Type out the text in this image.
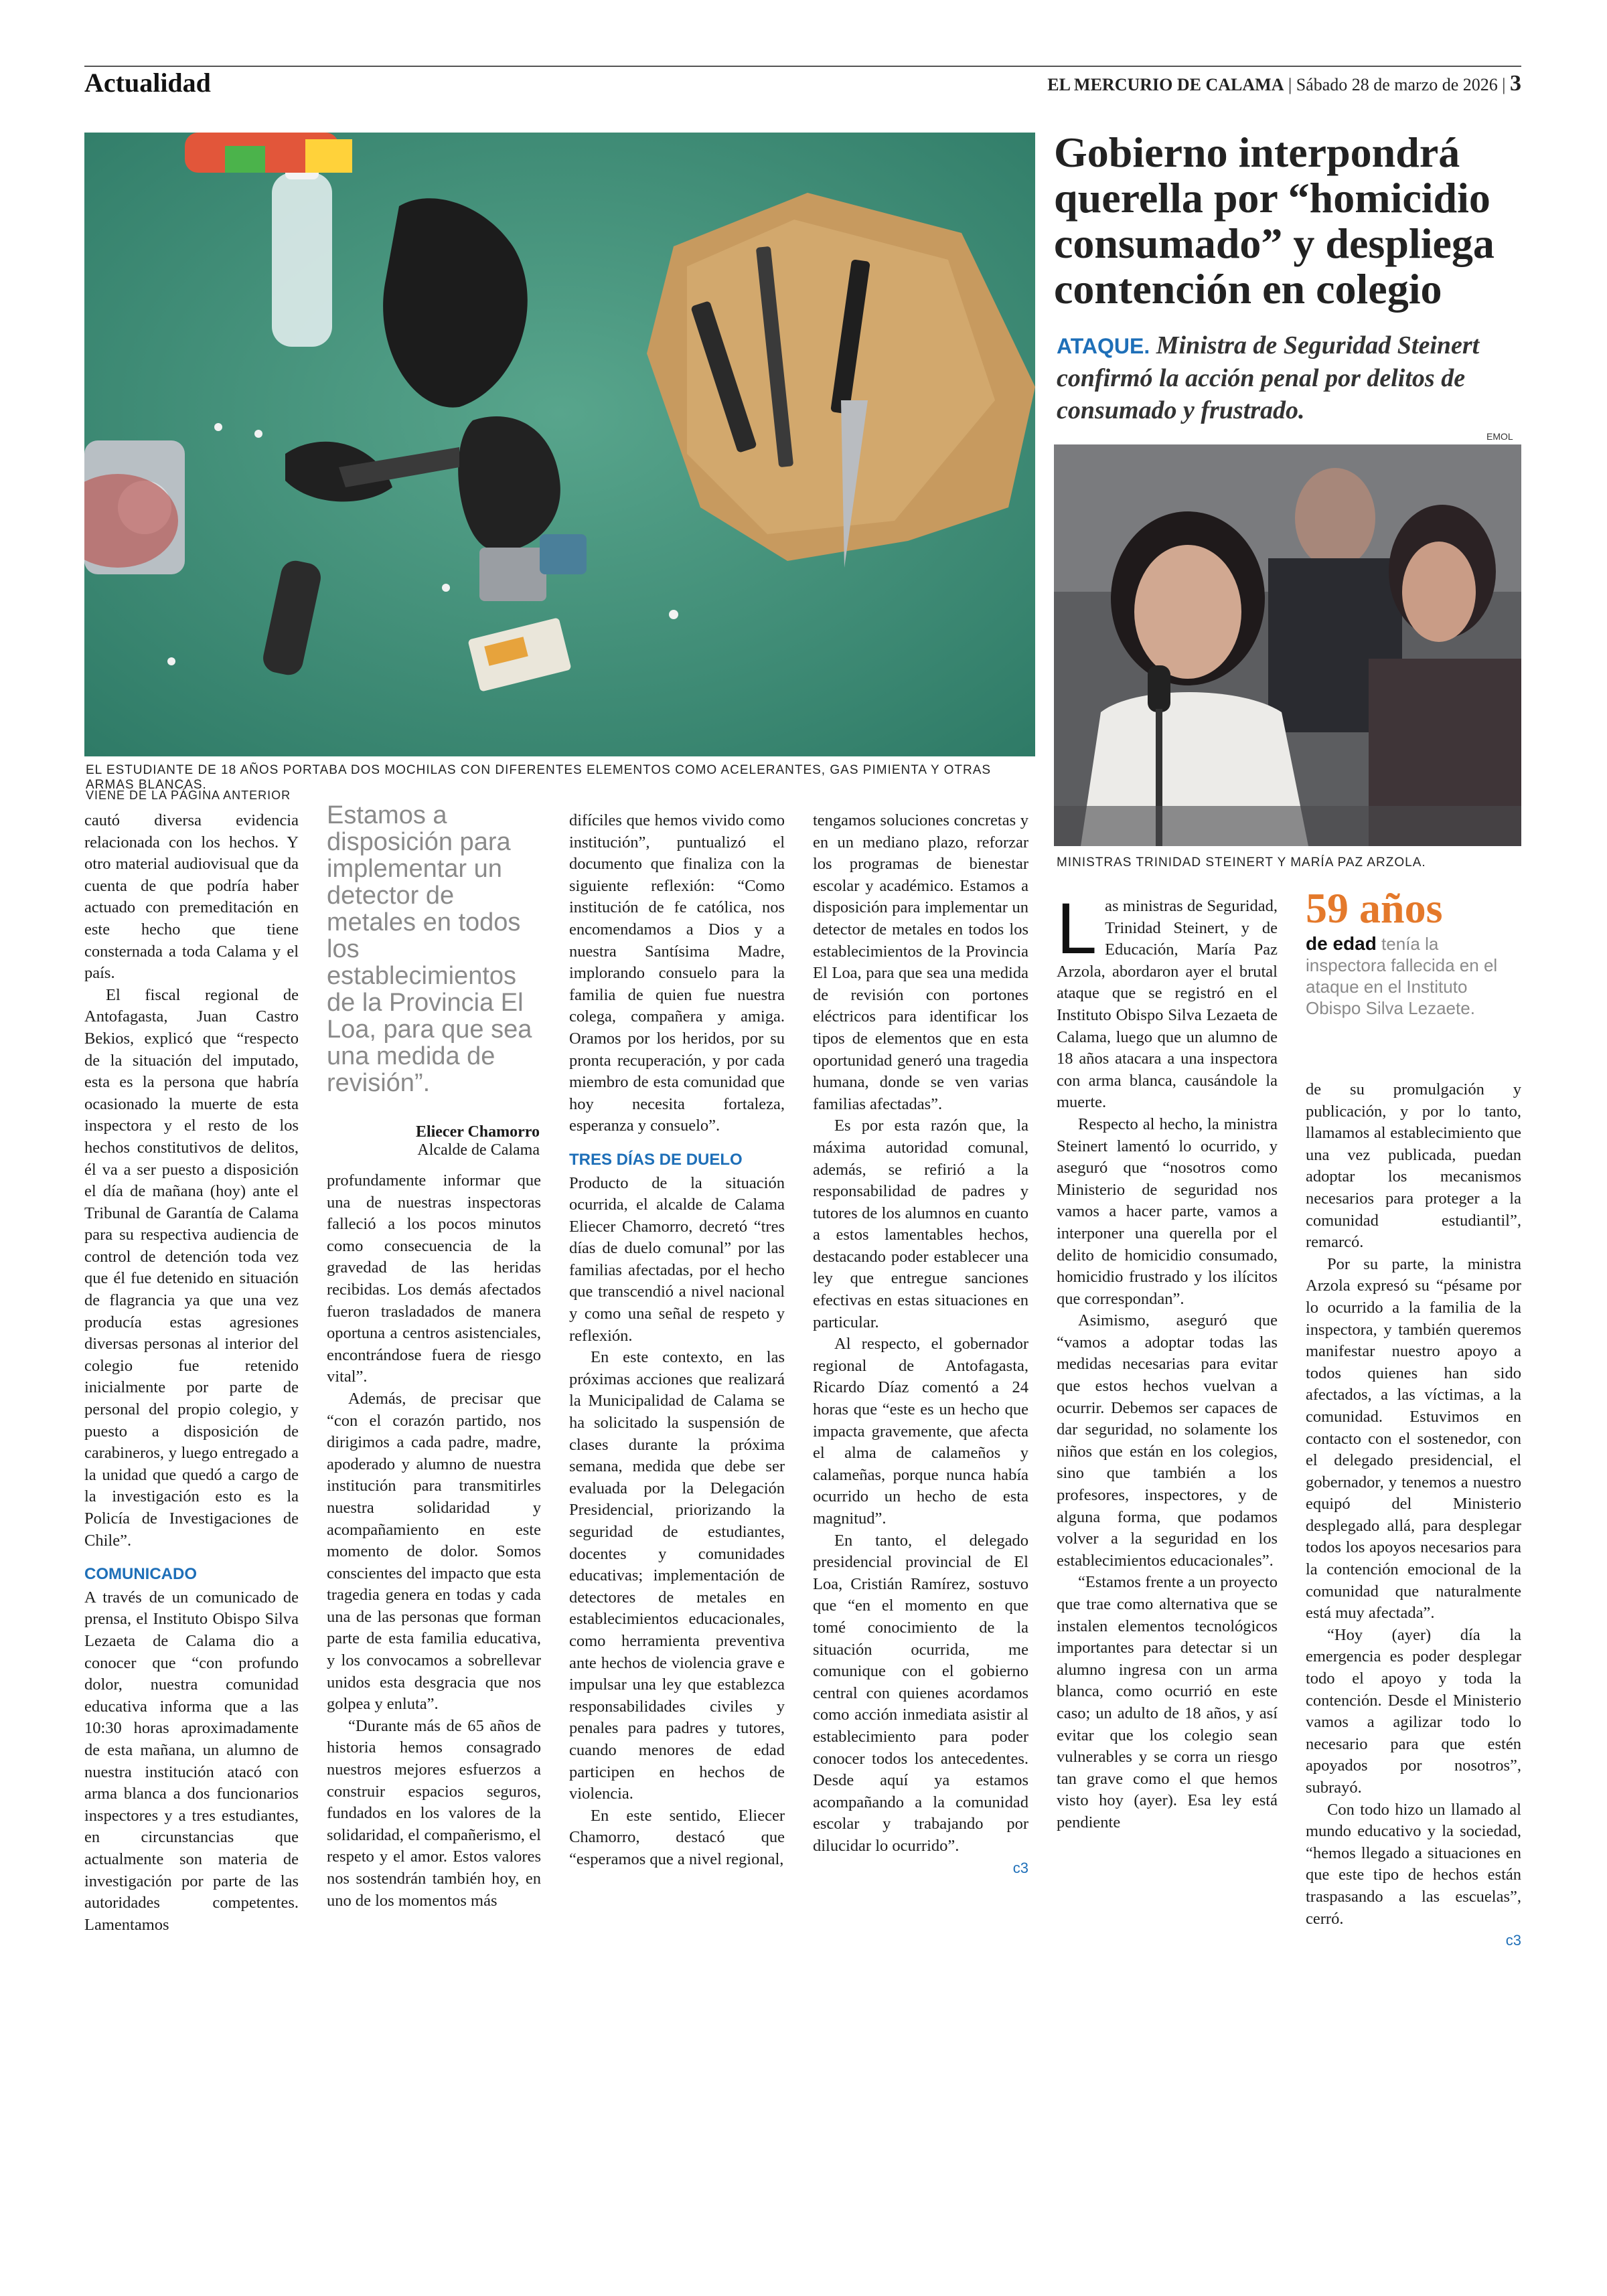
Actualidad	EL MERCURIO DE CALAMA | Sábado 28 de marzo de 2026 | 3
EL ESTUDIANTE DE 18 AÑOS PORTABA DOS MOCHILAS CON DIFERENTES ELEMENTOS COMO ACELERANTES, GAS PIMIENTA Y OTRAS ARMAS BLANCAS.
VIENE DE LA PÁGINA ANTERIOR
Gobierno interpondrá querella por “homicidio consumado” y despliega contención en colegio
ATAQUE. Ministra de Seguridad Steinert confirmó la acción penal por delitos de consumado y frustrado.
EMOL
MINISTRAS TRINIDAD STEINERT Y MARÍA PAZ ARZOLA.

cautó diversa evidencia relacionada con los hechos. Y otro material audiovisual que da cuenta de que podría haber actuado con premeditación en este hecho que tiene consternada a toda Calama y el país.

El fiscal regional de Antofagasta, Juan Castro Bekios, explicó que “respecto de la situación del imputado, esta es la persona que habría ocasionado la muerte de esta inspectora y el resto de los hechos constitutivos de delitos, él va a ser puesto a disposición el día de mañana (hoy) ante el Tribunal de Garantía de Calama para su respectiva audiencia de control de detención toda vez que él fue detenido en situación de flagrancia ya que una vez producía estas agresiones diversas personas al interior del colegio fue retenido inicialmente por parte de personal del propio colegio, y puesto a disposición de carabineros, y luego entregado a la unidad que quedó a cargo de la investigación esto es la Policía de Investigaciones de Chile”.

COMUNICADO

A través de un comunicado de prensa, el Instituto Obispo Silva Lezaeta de Calama dio a conocer que “con profundo dolor, nuestra comunidad educativa informa que a las 10:30 horas aproximadamente de esta mañana, un alumno de nuestra institución atacó con arma blanca a dos funcionarios inspectores y a tres estudiantes, en circunstancias que actualmente son materia de investigación por parte de las autoridades competentes. Lamentamos

Estamos a disposición para implementar un detector de metales en todos los establecimientos de la Provincia El Loa, para que sea una medida de revisión”.
Eliecer Chamorro
Alcalde de Calama

profundamente informar que una de nuestras inspectoras falleció a los pocos minutos como consecuencia de la gravedad de las heridas recibidas. Los demás afectados fueron trasladados de manera oportuna a centros asistenciales, encontrándose fuera de riesgo vital”.

Además, de precisar que “con el corazón partido, nos dirigimos a cada padre, madre, apoderado y alumno de nuestra institución para transmitirles nuestra solidaridad y acompañamiento en este momento de dolor. Somos conscientes del impacto que esta tragedia genera en todas y cada una de las personas que forman parte de esta familia educativa, y los convocamos a sobrellevar unidos esta desgracia que nos golpea y enluta”.

“Durante más de 65 años de historia hemos consagrado nuestros mejores esfuerzos a construir espacios seguros, fundados en los valores de la solidaridad, el compañerismo, el respeto y el amor. Estos valores nos sostendrán también hoy, en uno de los momentos más

difíciles que hemos vivido como institución”, puntualizó el documento que finaliza con la siguiente reflexión: “Como institución de fe católica, nos encomendamos a Dios y a nuestra Santísima Madre, implorando consuelo para la familia de quien fue nuestra colega, compañera y amiga. Oramos por los heridos, por su pronta recuperación, y por cada miembro de esta comunidad que hoy necesita fortaleza, esperanza y consuelo”.

TRES DÍAS DE DUELO

Producto de la situación ocurrida, el alcalde de Calama Eliecer Chamorro, decretó “tres días de duelo comunal” por las familias afectadas, por el hecho que transcendió a nivel nacional y como una señal de respeto y reflexión.

En este contexto, en las próximas acciones que realizará la Municipalidad de Calama se ha solicitado la suspensión de clases durante la próxima semana, medida que debe ser evaluada por la Delegación Presidencial, priorizando la seguridad de estudiantes, docentes y comunidades educativas; implementación de detectores de metales en establecimientos educacionales, como herramienta preventiva ante hechos de violencia grave e impulsar una ley que establezca responsabilidades civiles y penales para padres y tutores, cuando menores de edad participen en hechos de violencia.

En este sentido, Eliecer Chamorro, destacó que “esperamos que a nivel regional,

tengamos soluciones concretas y en un mediano plazo, reforzar los programas de bienestar escolar y académico. Estamos a disposición para implementar un detector de metales en todos los establecimientos de la Provincia El Loa, para que sea una medida de revisión con portones eléctricos para identificar los tipos de elementos que en esta oportunidad generó una tragedia humana, donde se ven varias familias afectadas”.

Es por esta razón que, la máxima autoridad comunal, además, se refirió a la responsabilidad de padres y tutores de los alumnos en cuanto a estos lamentables hechos, destacando poder establecer una ley que entregue sanciones efectivas en estas situaciones en particular.

Al respecto, el gobernador regional de Antofagasta, Ricardo Díaz comentó a 24 horas que “este es un hecho que impacta gravemente, que afecta el alma de calameños y calameñas, porque nunca había ocurrido un hecho de esta magnitud”.

En tanto, el delegado presidencial provincial de El Loa, Cristián Ramírez, sostuvo que “en el momento en que tomé conocimiento de la situación ocurrida, me comunique con el gobierno central con quienes acordamos como acción inmediata asistir al establecimiento para poder conocer todos los antecedentes. Desde aquí ya estamos acompañando a la comunidad escolar y trabajando por dilucidar lo ocurrido”.

c3

L as ministras de Seguridad, Trinidad Steinert, y de Educación, María Paz Arzola, abordaron ayer el brutal ataque que se registró en el Instituto Obispo Silva Lezaeta de Calama, luego que un alumno de 18 años atacara a una inspectora con arma blanca, causándole la muerte.

Respecto al hecho, la ministra Steinert lamentó lo ocurrido, y aseguró que “nosotros como Ministerio de seguridad nos vamos a hacer parte, vamos a interponer una querella por el delito de homicidio consumado, homicidio frustrado y los ilícitos que correspondan”.

Asimismo, aseguró que “vamos a adoptar todas las medidas necesarias para evitar que estos hechos vuelvan a ocurrir. Debemos ser capaces de dar seguridad, no solamente los niños que están en los colegios, sino que también a los profesores, inspectores, y de alguna forma, que podamos volver a la seguridad en los establecimientos educacionales”.

“Estamos frente a un proyecto que trae como alternativa que se instalen elementos tecnológicos importantes para detectar si un alumno ingresa con un arma blanca, como ocurrió en este caso; un adulto de 18 años, y así evitar que los colegio sean vulnerables y se corra un riesgo tan grave como el que hemos visto hoy (ayer). Esa ley está pendiente

59 años
de edad tenía la inspectora fallecida en el ataque en el Instituto Obispo Silva Lezaete.

de su promulgación y publicación, y por lo tanto, llamamos al establecimiento que una vez publicada, puedan adoptar los mecanismos necesarios para proteger a la comunidad estudiantil”, remarcó.

Por su parte, la ministra Arzola expresó su “pésame por lo ocurrido a la familia de la inspectora, y también queremos manifestar nuestro apoyo a todos quienes han sido afectados, a las víctimas, a la comunidad. Estuvimos en contacto con el sostenedor, con el delegado presidencial, el gobernador, y tenemos a nuestro equipó del Ministerio desplegado allá, para desplegar todos los apoyos necesarios para la contención emocional de la comunidad que naturalmente está muy afectada”.

“Hoy (ayer) día la emergencia es poder desplegar todo el apoyo y toda la contención. Desde el Ministerio vamos a agilizar todo lo necesario para que estén apoyados por nosotros”, subrayó.

Con todo hizo un llamado al mundo educativo y la sociedad, “hemos llegado a situaciones en que este tipo de hechos están traspasando a las escuelas”, cerró.

c3
